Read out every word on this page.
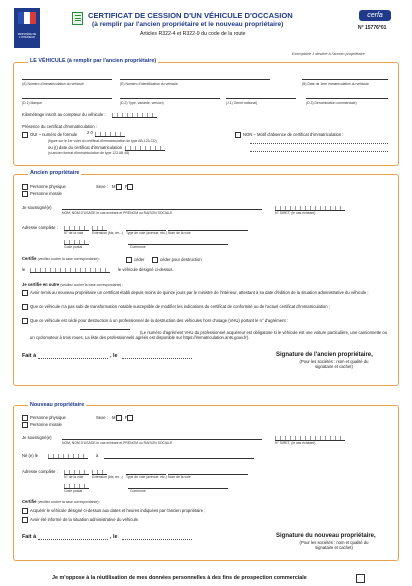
MINISTÈRE DE L'INTÉRIEUR
CERTIFICAT DE CESSION D'UN VÉHICULE D'OCCASION
(à remplir par l'ancien propriétaire et le nouveau propriétaire)
Articles R322-4 et R322-9 du code de la route
cerfa
N° 15776*01
Exemplaire 1 destiné à l'ancien propriétaire
LE VÉHICULE (à remplir par l'ancien propriétaire)
(A) Numéro d'immatriculation du véhicule	(E) Numéro d'identification du véhicule	(B) Date de 1ère immatriculation du véhicule
(D.1) Marque	(D.2) Type, variante, version)	(J.1) Genre national)	(D.3) Dénomination commerciale)
Kilométrage inscrit au compteur du véhicule :
Présence du certificat d'immatriculation :
OUI – numéro de formule 2 0
(figure sur le 1er volet du certificat d'immatriculation de type AB-123-CD)
ou (I) date du certificat d'immatriculation
(si ancien format d'immatriculation de type 123 AB 45)
NON – Motif d'absence de certificat d'immatriculation :
Ancien propriétaire
Personne physique	Sexe : M F
Personne morale
Je soussigné(e)
NOM, NOM D'USAGE le cas échéant et PRÉNOM ou RAISON SOCIALE	N° SIRET, (le cas échéant)
Adresse complète :
N° de la voie	Extension (bis, ter...) Type de voie (avenue, etc.) Nom de la voie
Code postal	Commune
Certifie (veuillez cocher la case correspondante) :	céder	céder pour destruction
le	le véhicule désigné ci-dessus.
Je certifie en outre (veuillez cocher la case correspondante) :
Avoir remis au nouveau propriétaire un certificat établi depuis moins de quinze jours par le ministre de l'intérieur, attestant à sa date d'édition de la situation administrative du véhicule ;
Que ce véhicule n'a pas subi de transformation notable susceptible de modifier les indications du certificat de conformité ou de l'actuel certificat d'immatriculation ;
Que ce véhicule est cédé pour destruction à un professionnel de la destruction des véhicules hors d'usage (VHU) portant le n° d'agrément :
(Le numéro d'agrément VHU du professionnel acquéreur est obligatoire si le véhicule est une voiture particulière, une camionnette ou un cyclomoteur à trois roues. La liste des professionnels agréés est disponible sur https://immatriculation.ants.gouv.fr).
Fait à	, le	Signature de l'ancien propriétaire,
(Pour les sociétés : nom et qualité du signataire et cachet)
Nouveau propriétaire
Personne physique	Sexe : M F
Personne morale
Je soussigné(e)
NOM, NOM D'USAGE le cas échéant et PRÉNOM ou RAISON SOCIALE	N° SIRET, (le cas échéant)
Né (e) le	à
Adresse complète :
N° de la voie	Extension (bis, ter...) Type de voie (avenue, etc.) Nom de la voie
Code postal	Commune
Certifie (veuillez cocher la case correspondante) :
Acquérir le véhicule désigné ci-dessus aux dates et heures indiquées par l'ancien propriétaire ;
Avoir été informé de la situation administrative du véhicule.
Fait à	, le	Signature du nouveau propriétaire,
(Pour les sociétés : nom et qualité du signataire et cachet)
Je m'oppose à la réutilisation de mes données personnelles à des fins de prospection commerciale
